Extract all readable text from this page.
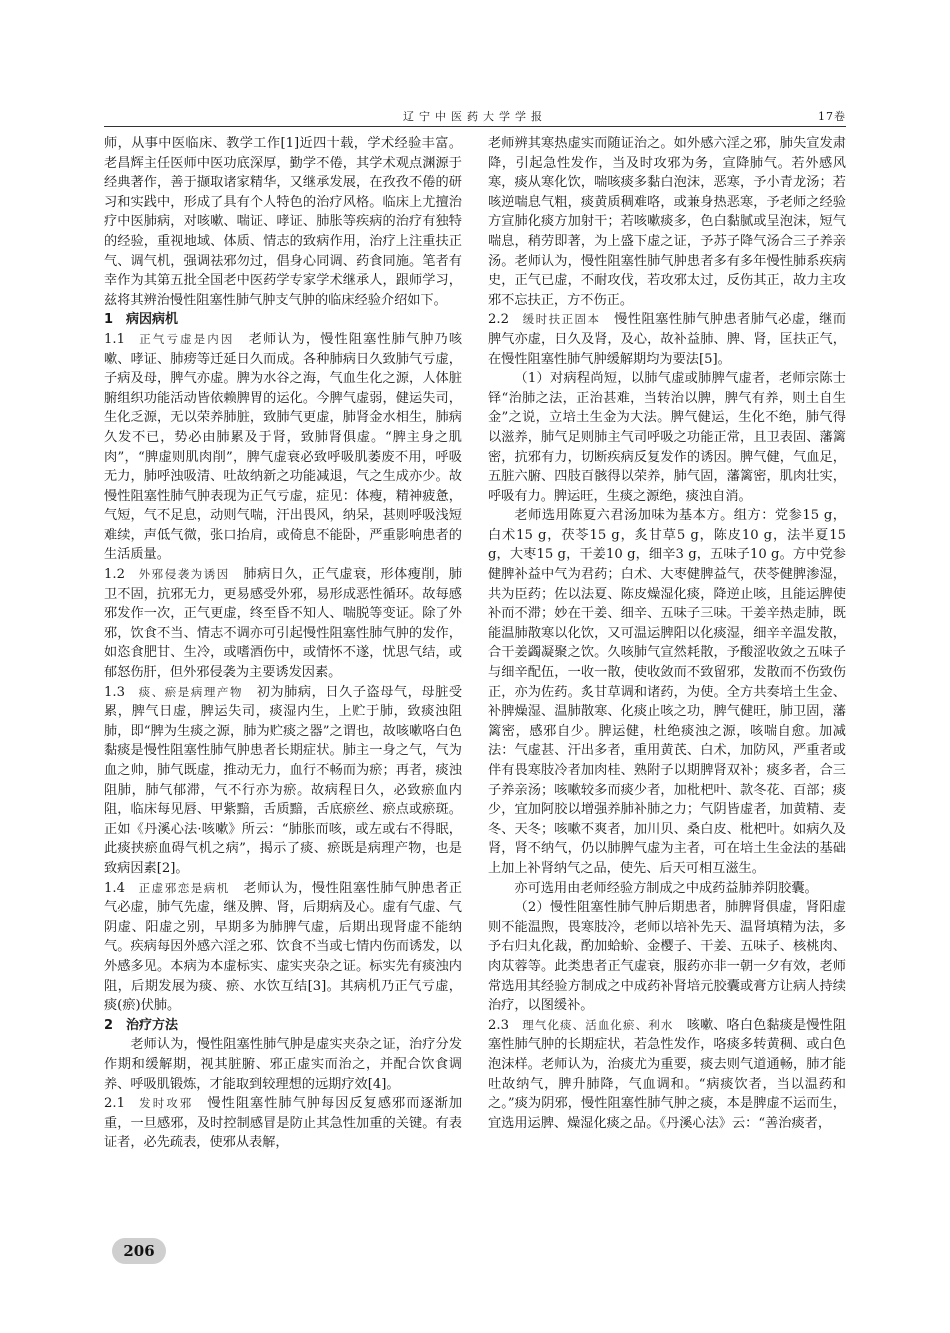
辽宁中医药大学学报	17卷

师，从事中医临床、教学工作[1]近四十载，学术经验丰富。老昌辉主任医师中医功底深厚，勤学不倦，其学术观点渊源于经典著作，善于撷取诸家精华，又继承发展，在孜孜不倦的研习和实践中，形成了具有个人特色的治疗风格。临床上尤擅治疗中医肺病，对咳嗽、喘证、哮证、肺胀等疾病的治疗有独特的经验，重视地域、体质、情志的致病作用，治疗上注重扶正气、调气机，强调祛邪勿过，倡身心同调、药食同施。笔者有幸作为其第五批全国老中医药学专家学术继承人，跟师学习，兹将其辨治慢性阻塞性肺气肿支气肿的临床经验介绍如下。

1　病因病机

1.1  正气亏虚是内因  老师认为，慢性阻塞性肺气肿乃咳嗽、哮证、肺痨等迁延日久而成。各种肺病日久致肺气亏虚，子病及母，脾气亦虚。脾为水谷之海，气血生化之源，人体脏腑组织功能活动皆依赖脾胃的运化。今脾气虚弱，健运失司，生化乏源，无以荣养肺脏，致肺气更虚，肺肾金水相生，肺病久发不已，势必由肺累及于肾，致肺肾俱虚。“脾主身之肌肉”，“脾虚则肌肉削”，脾气虚衰必致呼吸肌萎废不用，呼吸无力，肺呼浊吸清、吐故纳新之功能减退，气之生成亦少。故慢性阻塞性肺气肿表现为正气亏虚，症见：体瘦，精神疲惫，气短，气不足息，动则气喘，汗出畏风，纳呆，甚则呼吸浅短难续，声低气微，张口抬肩，或倚息不能卧，严重影响患者的生活质量。

1.2  外邪侵袭为诱因  肺病日久，正气虚衰，形体瘦削，肺卫不固，抗邪无力，更易感受外邪，易形成恶性循环。故每感邪发作一次，正气更虚，终至昏不知人、喘脱等变证。除了外邪，饮食不当、情志不调亦可引起慢性阻塞性肺气肿的发作，如恣食肥甘、生冷，或嗜酒伤中，或情怀不遂，忧思气结，或郁怒伤肝，但外邪侵袭为主要诱发因素。

1.3  痰、瘀是病理产物  初为肺病，日久子盗母气，母脏受累，脾气日虚，脾运失司，痰湿内生，上贮于肺，致痰浊阻肺，即“脾为生痰之源，肺为贮痰之器”之谓也，故咳嗽咯白色黏痰是慢性阻塞性肺气肿患者长期症状。肺主一身之气，气为血之帅，肺气既虚，推动无力，血行不畅而为瘀；再者，痰浊阻肺，肺气郁滞，气不行亦为瘀。故病程日久，必致瘀血内阻，临床每见唇、甲紫黯，舌质黯，舌底瘀丝、瘀点或瘀斑。正如《丹溪心法·咳嗽》所云：“肺胀而咳，或左或右不得眠，此痰挟瘀血碍气机之病”，揭示了痰、瘀既是病理产物，也是致病因素[2]。

1.4  正虚邪恋是病机  老师认为，慢性阻塞性肺气肿患者正气必虚，肺气先虚，继及脾、肾，后期病及心。虚有气虚、气阴虚、阳虚之别，早期多为肺脾气虚，后期出现肾虚不能纳气。疾病每因外感六淫之邪、饮食不当或七情内伤而诱发，以外感多见。本病为本虚标实、虚实夹杂之证。标实先有痰浊内阻，后期发展为痰、瘀、水饮互结[3]。其病机乃正气亏虚，痰(瘀)伏肺。

2　治疗方法

老师认为，慢性阻塞性肺气肿是虚实夹杂之证，治疗分发作期和缓解期，视其脏腑、邪正虚实而治之，并配合饮食调养、呼吸肌锻炼，才能取到较理想的远期疗效[4]。

2.1  发时攻邪  慢性阻塞性肺气肿每因反复感邪而逐渐加重，一旦感邪，及时控制感冒是防止其急性加重的关键。有表证者，必先疏表，使邪从表解，

老师辨其寒热虚实而随证治之。如外感六淫之邪，肺失宣发肃降，引起急性发作，当及时攻邪为务，宣降肺气。若外感风寒，痰从寒化饮，喘咳痰多黏白泡沫，恶寒，予小青龙汤；若咳逆喘息气粗，痰黄质稠难咯，或兼身热恶寒，予老师之经验方宣肺化痰方加射干；若咳嗽痰多，色白黏腻或呈泡沫，短气喘息，稍劳即著，为上盛下虚之证，予苏子降气汤合三子养亲汤。老师认为，慢性阻塞性肺气肿患者多有多年慢性肺系疾病史，正气已虚，不耐攻伐，若攻邪太过，反伤其正，故力主攻邪不忘扶正，方不伤正。

2.2  缓时扶正固本  慢性阻塞性肺气肿患者肺气必虚，继而脾气亦虚，日久及肾，及心，故补益肺、脾、肾，匡扶正气，在慢性阻塞性肺气肿缓解期均为要法[5]。

（1）对病程尚短，以肺气虚或肺脾气虚者，老师宗陈士铎“治肺之法，正治甚难，当转治以脾，脾气有养，则土自生金”之说，立培土生金为大法。脾气健运，生化不绝，肺气得以滋养，肺气足则肺主气司呼吸之功能正常，且卫表固、藩篱密，抗邪有力，切断疾病反复发作的诱因。脾气健，气血足，五脏六腑、四肢百骸得以荣养，肺气固，藩篱密，肌肉壮实，呼吸有力。脾运旺，生痰之源绝，痰浊自消。

老师选用陈夏六君汤加味为基本方。组方：党参15 g，白术15 g，茯苓15 g，炙甘草5 g，陈皮10 g，法半夏15 g，大枣15 g，干姜10 g，细辛3 g，五味子10 g。方中党参健脾补益中气为君药；白术、大枣健脾益气，茯苓健脾渗湿，共为臣药；佐以法夏、陈皮燥湿化痰，降逆止咳，且能运脾使补而不滞；妙在干姜、细辛、五味子三味。干姜辛热走肺，既能温肺散寒以化饮，又可温运脾阳以化痰湿，细辛辛温发散，合干姜蠲凝聚之饮。久咳肺气宣然耗散，予酸涩收敛之五味子与细辛配伍，一收一散，使收敛而不致留邪，发散而不伤致伤正，亦为佐药。炙甘草调和诸药，为使。全方共奏培土生金、补脾燥湿、温肺散寒、化痰止咳之功，脾气健旺，肺卫固，藩篱密，感邪自少。脾运健，杜绝痰浊之源，咳喘自愈。加减法：气虚甚、汗出多者，重用黄芪、白术，加防风，严重者或伴有畏寒肢冷者加肉桂、熟附子以期脾肾双补；痰多者，合三子养亲汤；咳嗽较多而痰少者，加枇杷叶、款冬花、百部；痰少，宜加阿胶以增强养肺补肺之力；气阴皆虚者，加黄精、麦冬、天冬；咳嗽不爽者，加川贝、桑白皮、枇杷叶。如病久及肾，肾不纳气，仍以肺脾气虚为主者，可在培土生金法的基础上加上补肾纳气之品，使先、后天可相互滋生。

亦可选用由老师经验方制成之中成药益肺养阴胶囊。

（2）慢性阻塞性肺气肿后期患者，肺脾肾俱虚，肾阳虚则不能温煦，畏寒肢冷，老师以培补先天、温肾填精为法，多予右归丸化裁，酌加蛤蚧、金樱子、干姜、五味子、核桃肉、肉苁蓉等。此类患者正气虚衰，服药亦非一朝一夕有效，老师常选用其经验方制成之中成药补肾培元胶囊或膏方让病人持续治疗，以图缓补。

2.3  理气化痰、活血化瘀、利水  咳嗽、咯白色黏痰是慢性阻塞性肺气肿的长期症状，若急性发作，咯痰多转黄稠、或白色泡沫样。老师认为，治痰尤为重要，痰去则气道通畅，肺才能吐故纳气，脾升肺降，气血调和。“病痰饮者，当以温药和之。”痰为阴邪，慢性阻塞性肺气肿之痰，本是脾虚不运而生，宜选用运脾、燥湿化痰之品。《丹溪心法》云：“善治痰者，

206
